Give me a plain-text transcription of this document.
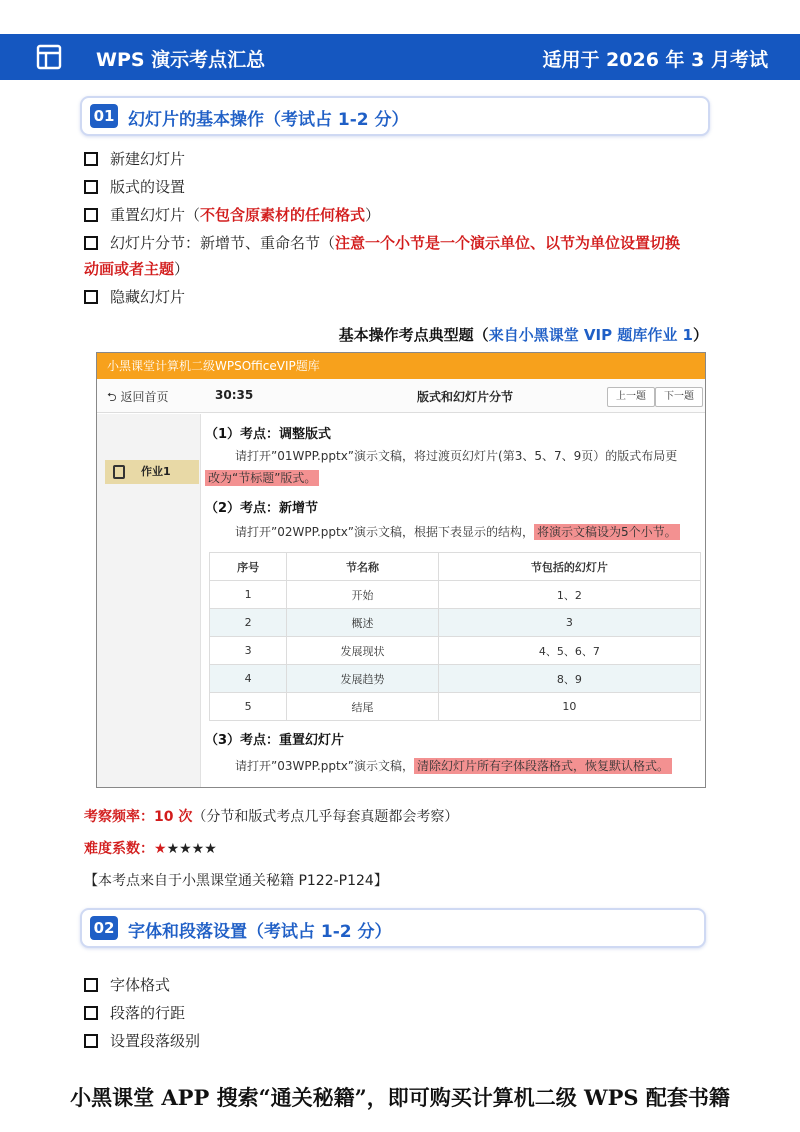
WPS 演示考点汇总	适用于 2026 年 3 月考试
01 幻灯片的基本操作（考试占 1-2 分）
新建幻灯片
版式的设置
重置幻灯片（不包含原素材的任何格式）
幻灯片分节：新增节、重命名节（注意一个小节是一个演示单位、以节为单位设置切换
动画或者主题）
隐藏幻灯片
基本操作考点典型题（来自小黑课堂 VIP 题库作业 1）
小黑课堂计算机二级WPSOfficeVIP题库
⮌ 返回首页	30:35	版式和幻灯片分节	上一题	下一题
作业1
（1）考点：调整版式
请打开”01WPP.pptx”演示文稿，将过渡页幻灯片(第3、5、7、9页）的版式布局更
改为“节标题”版式。
（2）考点：新增节
请打开”02WPP.pptx”演示文稿，根据下表显示的结构， 将演示文稿设为5个小节。
序号	节名称	节包括的幻灯片
1	开始	1、2
2	概述	3
3	发展现状	4、5、6、7
4	发展趋势	8、9
5	结尾	10
（3）考点：重置幻灯片
请打开”03WPP.pptx”演示文稿， 清除幻灯片所有字体段落格式，恢复默认格式。
考察频率：10 次（分节和版式考点几乎每套真题都会考察）
难度系数：★★★★★
【本考点来自于小黑课堂通关秘籍 P122-P124】
02 字体和段落设置（考试占 1-2 分）
字体格式
段落的行距
设置段落级别
小黑课堂 APP 搜索“通关秘籍”，即可购买计算机二级 WPS 配套书籍
